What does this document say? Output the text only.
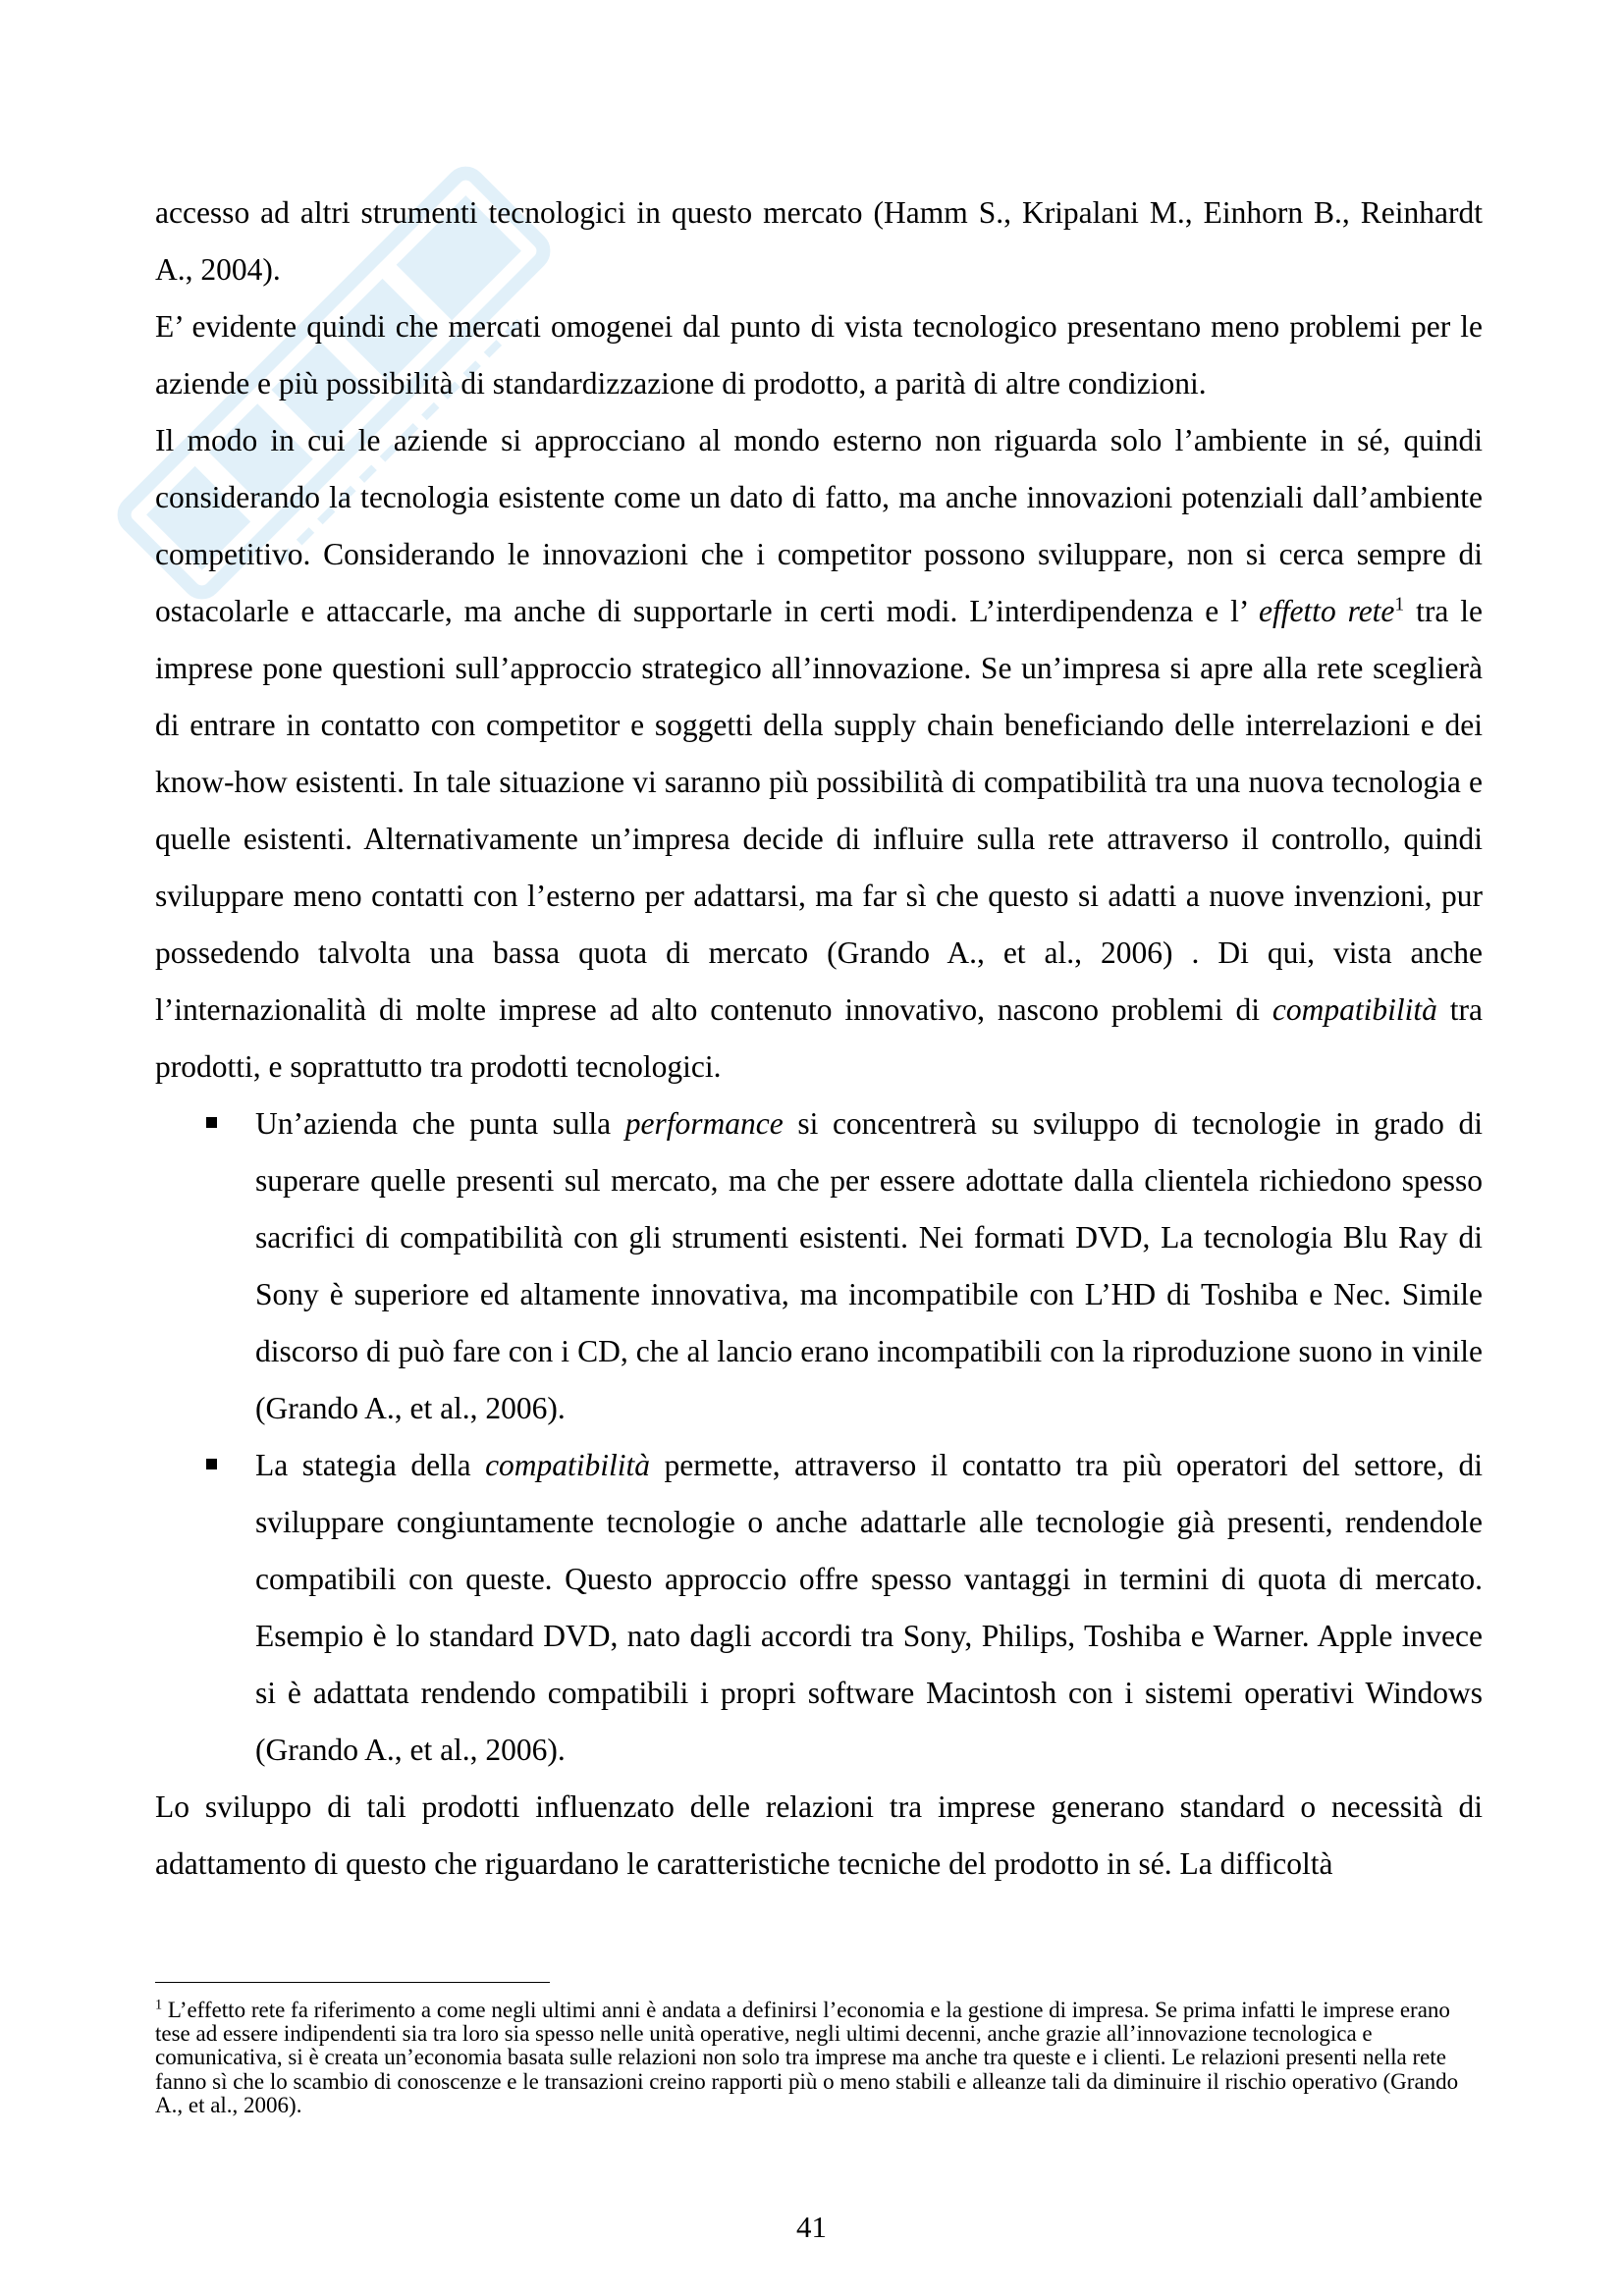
accesso ad altri strumenti tecnologici in questo mercato (Hamm S., Kripalani M., Einhorn B., Reinhardt A., 2004).

E’ evidente quindi che mercati omogenei dal punto di vista tecnologico presentano meno problemi per le aziende e più possibilità di standardizzazione di prodotto, a parità di altre condizioni.

Il modo in cui le aziende si approcciano al mondo esterno non riguarda solo l’ambiente in sé, quindi considerando la tecnologia esistente come un dato di fatto, ma anche innovazioni potenziali dall’ambiente competitivo. Considerando le innovazioni che i competitor possono sviluppare, non si cerca sempre di ostacolarle e attaccarle, ma anche di supportarle in certi modi. L’interdipendenza e l’ effetto rete$^1$ tra le imprese pone questioni sull’approccio strategico all’innovazione. Se un’impresa si apre alla rete sceglierà di entrare in contatto con competitor e soggetti della supply chain beneficiando delle interrelazioni e dei know-how esistenti. In tale situazione vi saranno più possibilità di compatibilità tra una nuova tecnologia e quelle esistenti. Alternativamente un’impresa decide di influire sulla rete attraverso il controllo, quindi sviluppare meno contatti con l’esterno per adattarsi, ma far sì che questo si adatti a nuove invenzioni, pur possedendo talvolta una bassa quota di mercato (Grando A., et al., 2006) . Di qui, vista anche l’internazionalità di molte imprese ad alto contenuto innovativo, nascono problemi di compatibilità tra prodotti, e soprattutto tra prodotti tecnologici.

Un’azienda che punta sulla performance si concentrerà su sviluppo di tecnologie in grado di superare quelle presenti sul mercato, ma che per essere adottate dalla clientela richiedono spesso sacrifici di compatibilità con gli strumenti esistenti. Nei formati DVD, La tecnologia Blu Ray di Sony è superiore ed altamente innovativa, ma incompatibile con L’HD di Toshiba e Nec. Simile discorso di può fare con i CD, che al lancio erano incompatibili con la riproduzione suono in vinile (Grando A., et al., 2006).
La stategia della compatibilità permette, attraverso il contatto tra più operatori del settore, di sviluppare congiuntamente tecnologie o anche adattarle alle tecnologie già presenti, rendendole compatibili con queste. Questo approccio offre spesso vantaggi in termini di quota di mercato. Esempio è lo standard DVD, nato dagli accordi tra Sony, Philips, Toshiba e Warner. Apple invece si è adattata rendendo compatibili i propri software Macintosh con i sistemi operativi Windows (Grando A., et al., 2006).

Lo sviluppo di tali prodotti influenzato delle relazioni tra imprese generano standard o necessità di adattamento di questo che riguardano le caratteristiche tecniche del prodotto in sé. La difficoltà

$^1$ L’effetto rete fa riferimento a come negli ultimi anni è andata a definirsi l’economia e la gestione di impresa. Se prima infatti le imprese erano tese ad essere indipendenti sia tra loro sia spesso nelle unità operative, negli ultimi decenni, anche grazie all’innovazione tecnologica e comunicativa, si è creata un’economia basata sulle relazioni non solo tra imprese ma anche tra queste e i clienti. Le relazioni presenti nella rete fanno sì che lo scambio di conoscenze e le transazioni creino rapporti più o meno stabili e alleanze tali da diminuire il rischio operativo (Grando A., et al., 2006).

41
